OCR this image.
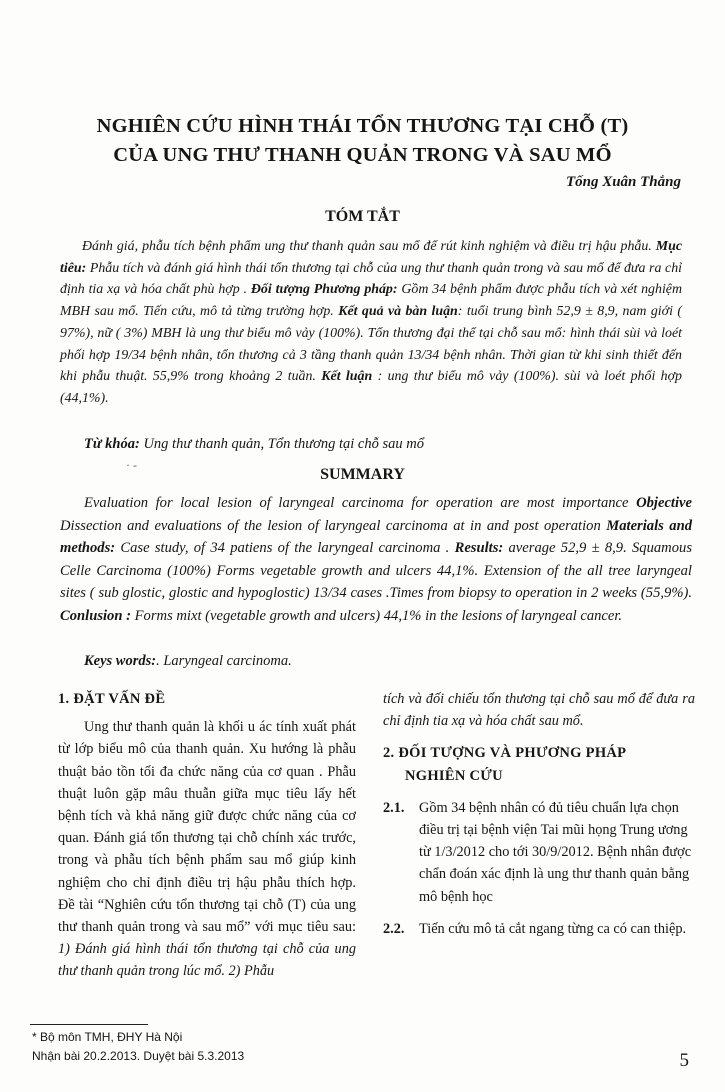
NGHIÊN CỨU HÌNH THÁI TỔN THƯƠNG TẠI CHỖ (T)
CỦA UNG THƯ THANH QUẢN TRONG VÀ SAU MỔ
Tống Xuân Thắng
TÓM TẮT

Đánh giá, phẫu tích bệnh phẩm ung thư thanh quản sau mổ để rút kinh nghiệm và điều trị hậu phẫu. Mục tiêu: Phẫu tích và đánh giá hình thái tổn thương tại chỗ của ung thư thanh quản trong và sau mổ để đưa ra chỉ định tia xạ và hóa chất phù hợp . Đối tượng Phương pháp: Gồm 34 bệnh phẩm được phẫu tích và xét nghiệm MBH sau mổ. Tiến cứu, mô tả từng trường hợp. Kết quả và bàn luận: tuổi trung bình 52,9 ± 8,9, nam giới ( 97%), nữ ( 3%) MBH là ung thư biểu mô vảy (100%). Tổn thương đại thể tại chỗ sau mổ: hình thái sùi và loét phối hợp 19/34 bệnh nhân, tổn thương cả 3 tầng thanh quản 13/34 bệnh nhân. Thời gian từ khi sinh thiết đến khi phẫu thuật. 55,9% trong khoảng 2 tuần. Kết luận : ung thư biểu mô vảy (100%). sùi và loét phối hợp (44,1%).

Từ khóa: Ung thư thanh quản, Tổn thương tại chỗ sau mổ
· -
SUMMARY

Evaluation for local lesion of laryngeal carcinoma for operation are most importance Objective Dissection and evaluations of the lesion of laryngeal carcinoma at in and post operation Materials and methods: Case study, of 34 patiens of the laryngeal carcinoma . Results: average 52,9 ± 8,9. Squamous Celle Carcinoma (100%) Forms vegetable growth and ulcers 44,1%. Extension of the all tree laryngeal sites ( sub glostic, glostic and hypoglostic) 13/34 cases .Times from biopsy to operation in 2 weeks (55,9%). Conlusion : Forms mixt (vegetable growth and ulcers) 44,1% in the lesions of laryngeal cancer.

Keys words:. Laryngeal carcinoma.

1. ĐẶT VẤN ĐỀ

Ung thư thanh quản là khối u ác tính xuất phát từ lớp biểu mô của thanh quản. Xu hướng là phẫu thuật bảo tồn tối đa chức năng của cơ quan . Phẫu thuật luôn gặp mâu thuẫn giữa mục tiêu lấy hết bệnh tích và khả năng giữ được chức năng của cơ quan. Đánh giá tổn thương tại chỗ chính xác trước, trong và phẫu tích bệnh phẩm sau mổ giúp kinh nghiệm cho chỉ định điều trị hậu phẫu thích hợp. Đề tài “Nghiên cứu tổn thương tại chỗ (T) của ung thư thanh quản trong và sau mổ” với mục tiêu sau: 1) Đánh giá hình thái tổn thương tại chỗ của ung thư thanh quản trong lúc mổ. 2) Phẫu

tích và đối chiếu tổn thương tại chỗ sau mổ để đưa ra chỉ định tia xạ và hóa chất sau mổ.

2. ĐỐI TƯỢNG VÀ PHƯƠNG PHÁP

NGHIÊN CỨU

2.1.	Gồm 34 bệnh nhân có đủ tiêu chuẩn lựa chọn điều trị tại bệnh viện Tai mũi họng Trung ương từ 1/3/2012 cho tới 30/9/2012. Bệnh nhân được chẩn đoán xác định là ung thư thanh quản bằng mô bệnh học
2.2.	Tiến cứu mô tả cắt ngang từng ca có can thiệp.
* Bộ môn TMH, ĐHY Hà Nội
Nhận bài 20.2.2013. Duyệt bài 5.3.2013	5
